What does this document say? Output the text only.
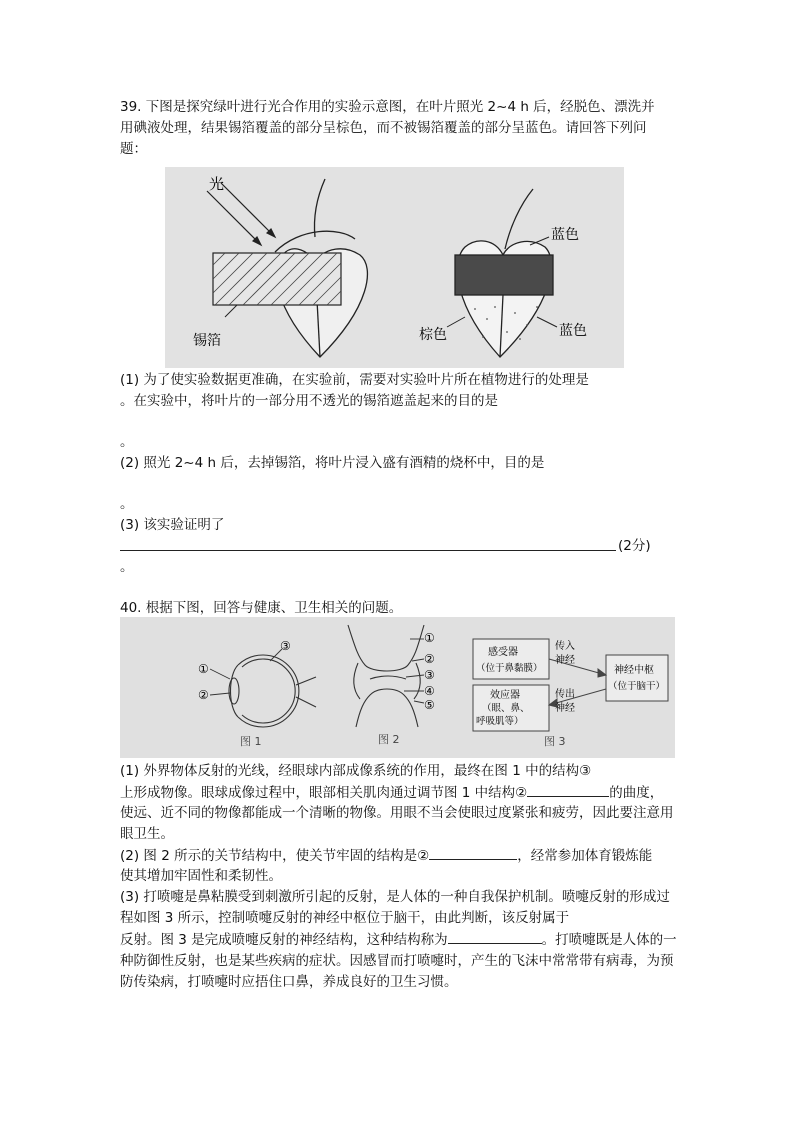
39. 下图是探究绿叶进行光合作用的实验示意图，在叶片照光 2~4 h 后，经脱色、漂洗并用碘液处理，结果锡箔覆盖的部分呈棕色，而不被锡箔覆盖的部分呈蓝色。请回答下列问题：

光
锡箔
蓝色
蓝色
棕色
(1) 为了使实验数据更准确，在实验前，需要对实验叶片所在植物进行的处理是
。在实验中，将叶片的一部分用不透光的锡箔遮盖起来的目的是
。
(2) 照光 2~4 h 后，去掉锡箔，将叶片浸入盛有酒精的烧杯中，目的是
。
(3) 该实验证明了
(2分)
。
40. 根据下图，回答与健康、卫生相关的问题。
①
②
③
图 1
①
②
③
④
⑤
图 2
感受器
（位于鼻黏膜）
效应器
（眼、鼻、
呼吸肌等）
传入
神经
传出
神经
神经中枢
（位于脑干）
图 3
(1) 外界物体反射的光线，经眼球内部成像系统的作用，最终在图 1 中的结构③
上形成物像。眼球成像过程中，眼部相关肌肉通过调节图 1 中结构②	的曲度，
使远、近不同的物像都能成一个清晰的物像。用眼不当会使眼过度紧张和疲劳，因此要注意用眼卫生。
(2) 图 2 所示的关节结构中，使关节牢固的结构是②	，经常参加体育锻炼能
使其增加牢固性和柔韧性。
(3) 打喷嚏是鼻粘膜受到刺激所引起的反射，是人体的一种自我保护机制。喷嚏反射的形成过程如图 3 所示，控制喷嚏反射的神经中枢位于脑干，由此判断，该反射属于
反射。图 3 是完成喷嚏反射的神经结构，这种结构称为	。打喷嚏既是人体的一种防御性反射，也是某些疾病的症状。因感冒而打喷嚏时，产生的飞沫中常常带有病毒，为预防传染病，打喷嚏时应捂住口鼻，养成良好的卫生习惯。
